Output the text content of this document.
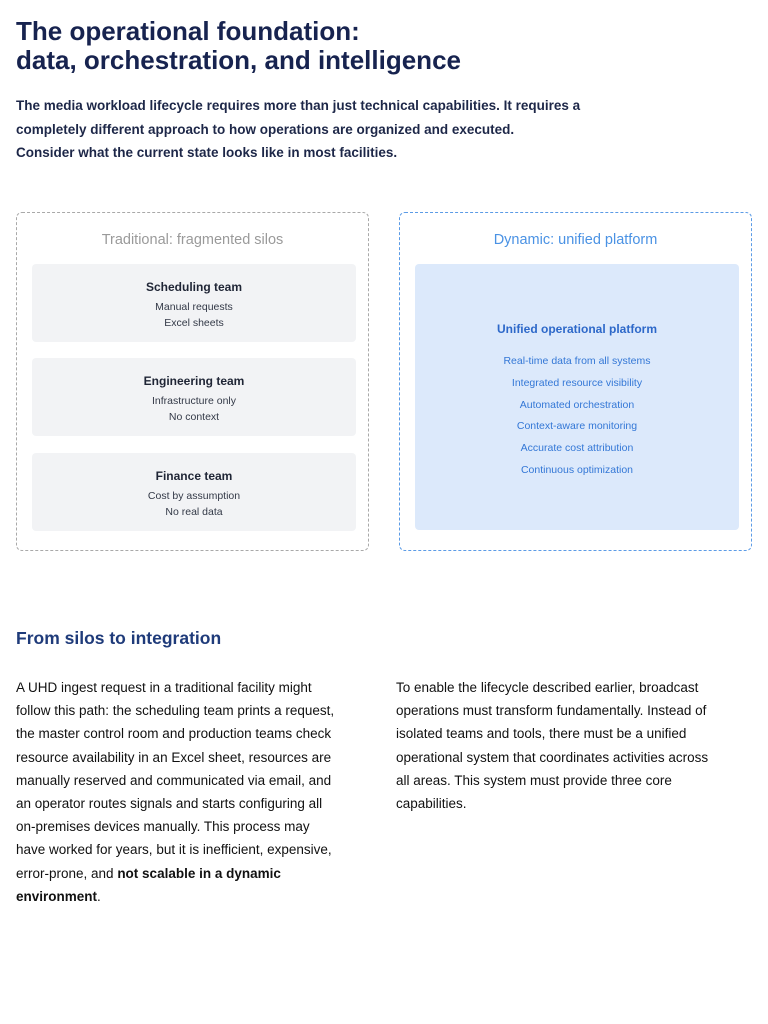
The operational foundation:
data, orchestration, and intelligence

The media workload lifecycle requires more than just technical capabilities. It requires a
completely different approach to how operations are organized and executed.
Consider what the current state looks like in most facilities.

Traditional: fragmented silos
Scheduling team
Manual requests
Excel sheets
Engineering team
Infrastructure only
No context
Finance team
Cost by assumption
No real data
Dynamic: unified platform
Unified operational platform
Real-time data from all systems
Integrated resource visibility
Automated orchestration
Context-aware monitoring
Accurate cost attribution
Continuous optimization
From silos to integration
A UHD ingest request in a traditional facility might
follow this path: the scheduling team prints a request,
the master control room and production teams check
resource availability in an Excel sheet, resources are
manually reserved and communicated via email, and
an operator routes signals and starts configuring all
on-premises devices manually. This process may
have worked for years, but it is inefficient, expensive,
error-prone, and not scalable in a dynamic
environment.
To enable the lifecycle described earlier, broadcast
operations must transform fundamentally. Instead of
isolated teams and tools, there must be a unified
operational system that coordinates activities across
all areas. This system must provide three core
capabilities.
